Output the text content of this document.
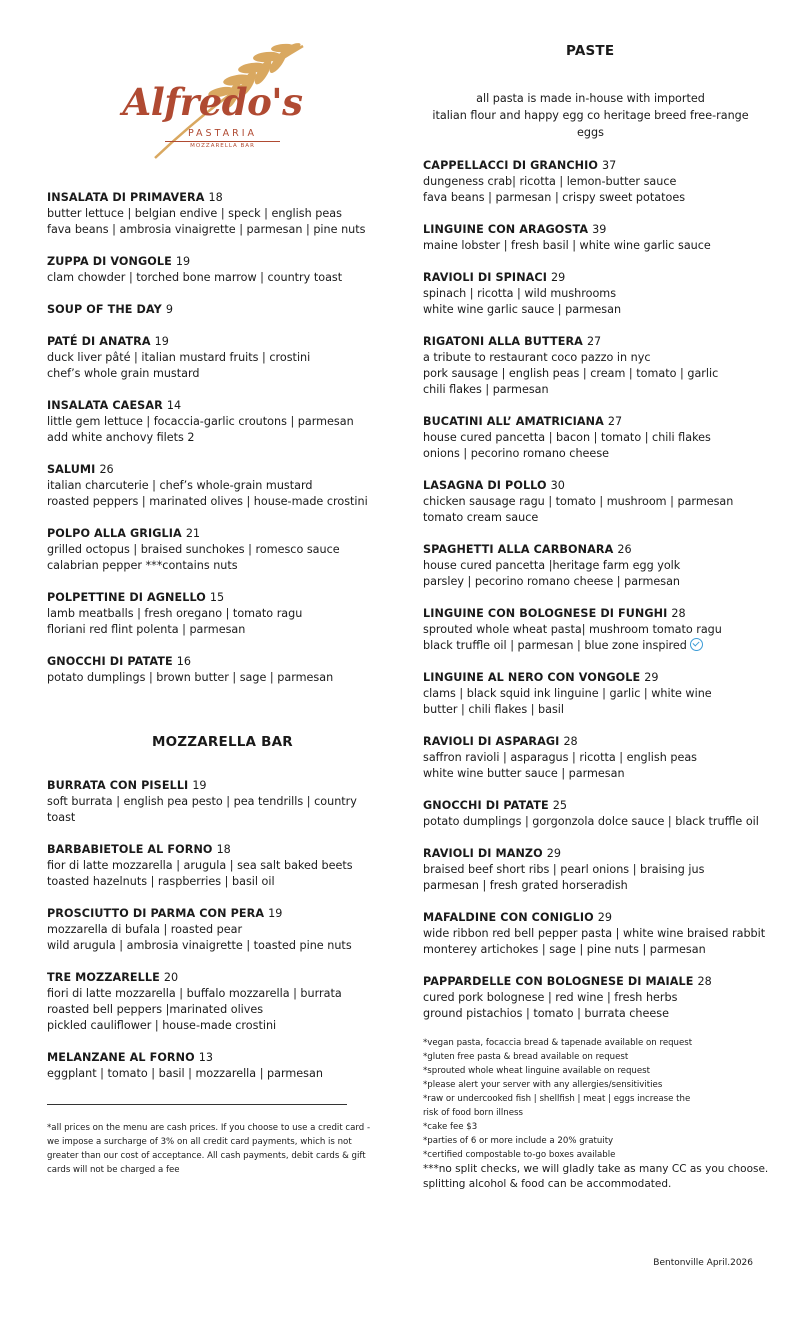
Alfredo's
PASTARIA
MOZZARELLA BAR
PASTE
all pasta is made in-house with imported
italian flour and happy egg co heritage breed free-range eggs
INSALATA DI PRIMAVERA 18
butter lettuce | belgian endive | speck | english peas
fava beans | ambrosia vinaigrette | parmesan | pine nuts
ZUPPA DI VONGOLE 19
clam chowder | torched bone marrow | country toast
SOUP OF THE DAY 9
PATÉ DI ANATRA 19
duck liver pâté | italian mustard fruits | crostini
chef’s whole grain mustard
INSALATA CAESAR 14
little gem lettuce | focaccia-garlic croutons | parmesan
add white anchovy filets 2
SALUMI 26
italian charcuterie | chef’s whole-grain mustard
roasted peppers | marinated olives | house-made crostini
POLPO ALLA GRIGLIA 21
grilled octopus | braised sunchokes | romesco sauce
calabrian pepper ***contains nuts
POLPETTINE DI AGNELLO 15
lamb meatballs | fresh oregano | tomato ragu
floriani red flint polenta | parmesan
GNOCCHI DI PATATE 16
potato dumplings | brown butter | sage | parmesan
MOZZARELLA BAR
BURRATA CON PISELLI 19
soft burrata | english pea pesto | pea tendrills | country toast
BARBABIETOLE AL FORNO 18
fior di latte mozzarella | arugula | sea salt baked beets
toasted hazelnuts | raspberries | basil oil
PROSCIUTTO DI PARMA CON PERA 19
mozzarella di bufala | roasted pear
wild arugula | ambrosia vinaigrette | toasted pine nuts
TRE MOZZARELLE 20
fiori di latte mozzarella | buffalo mozzarella | burrata
roasted bell peppers |marinated olives
pickled cauliflower | house-made crostini
MELANZANE AL FORNO 13
eggplant | tomato | basil | mozzarella | parmesan
*all prices on the menu are cash prices. If you choose to use a credit card - we impose a surcharge of 3% on all credit card payments, which is not greater than our cost of acceptance. All cash payments, debit cards & gift cards will not be charged a fee
CAPPELLACCI DI GRANCHIO 37
dungeness crab| ricotta | lemon-butter sauce
fava beans | parmesan | crispy sweet potatoes
LINGUINE CON ARAGOSTA 39
maine lobster | fresh basil | white wine garlic sauce
RAVIOLI DI SPINACI 29
spinach | ricotta | wild mushrooms
white wine garlic sauce | parmesan
RIGATONI ALLA BUTTERA 27
a tribute to restaurant coco pazzo in nyc
pork sausage | english peas | cream | tomato | garlic
chili flakes | parmesan
BUCATINI ALL’ AMATRICIANA 27
house cured pancetta | bacon | tomato | chili flakes
onions | pecorino romano cheese
LASAGNA DI POLLO 30
chicken sausage ragu | tomato | mushroom | parmesan
tomato cream sauce
SPAGHETTI ALLA CARBONARA 26
house cured pancetta |heritage farm egg yolk
parsley | pecorino romano cheese | parmesan
LINGUINE CON BOLOGNESE DI FUNGHI 28
sprouted whole wheat pasta| mushroom tomato ragu
black truffle oil | parmesan | blue zone inspired
LINGUINE AL NERO CON VONGOLE 29
clams | black squid ink linguine | garlic | white wine
butter | chili flakes | basil
RAVIOLI DI ASPARAGI 28
saffron ravioli | asparagus | ricotta | english peas
white wine butter sauce | parmesan
GNOCCHI DI PATATE 25
potato dumplings | gorgonzola dolce sauce | black truffle oil
RAVIOLI DI MANZO 29
braised beef short ribs | pearl onions | braising jus
parmesan | fresh grated horseradish
MAFALDINE CON CONIGLIO 29
wide ribbon red bell pepper pasta | white wine braised rabbit
monterey artichokes | sage | pine nuts | parmesan
PAPPARDELLE CON BOLOGNESE DI MAIALE 28
cured pork bolognese | red wine | fresh herbs
ground pistachios | tomato | burrata cheese
*vegan pasta, focaccia bread & tapenade available on request
*gluten free pasta & bread available on request
*sprouted whole wheat linguine available on request
*please alert your server with any allergies/sensitivities
*raw or undercooked fish | shellfish | meat | eggs increase the
risk of food born illness
*cake fee $3
*parties of 6 or more include a 20% gratuity
*certified compostable to-go boxes available
***no split checks, we will gladly take as many CC as you choose.
splitting alcohol & food can be accommodated.
Bentonville April.2026
